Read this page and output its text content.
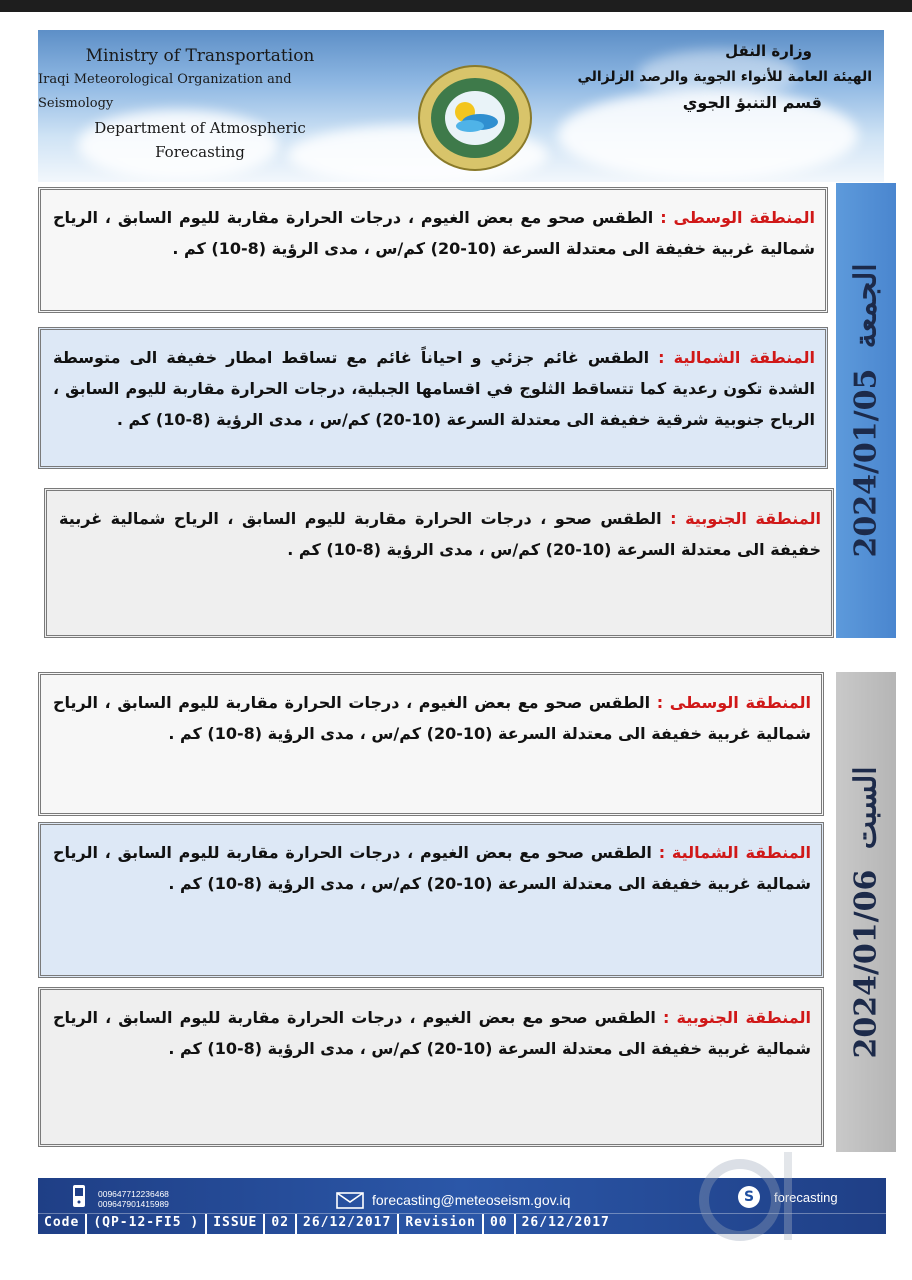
Ministry of Transportation
Iraqi Meteorological Organization and Seismology
Department of Atmospheric Forecasting
وزارة النقل
الهيئة العامة للأنواء الجوية والرصد الزلزالي
قسم التنبؤ الجوي
المنطقة الوسطى : الطقس صحو مع بعض الغيوم ، درجات الحرارة مقاربة لليوم السابق ، الرياح شمالية غربية خفيفة الى معتدلة السرعة (10-20) كم/س ، مدى الرؤية (8-10) كم .
المنطقة الشمالية : الطقس غائم جزئي و احياناً غائم مع تساقط امطار خفيفة الى متوسطة الشدة تكون رعدية كما تتساقط الثلوج في اقسامها الجبلية، درجات الحرارة مقاربة لليوم السابق ، الرياح جنوبية شرقية خفيفة الى معتدلة السرعة (10-20) كم/س ، مدى الرؤية (8-10) كم .
المنطقة الجنوبية : الطقس صحو ، درجات الحرارة مقاربة لليوم السابق ، الرياح شمالية غربية خفيفة الى معتدلة السرعة (10-20) كم/س ، مدى الرؤية (8-10) كم .
الجمعة 2024/01/05
المنطقة الوسطى : الطقس صحو مع بعض الغيوم ، درجات الحرارة مقاربة لليوم السابق ، الرياح شمالية غربية خفيفة الى معتدلة السرعة (10-20) كم/س ، مدى الرؤية (8-10) كم .
المنطقة الشمالية : الطقس صحو مع بعض الغيوم ، درجات الحرارة مقاربة لليوم السابق ، الرياح شمالية غربية خفيفة الى معتدلة السرعة (10-20) كم/س ، مدى الرؤية (8-10) كم .
المنطقة الجنوبية : الطقس صحو مع بعض الغيوم ، درجات الحرارة مقاربة لليوم السابق ، الرياح شمالية غربية خفيفة الى معتدلة السرعة (10-20) كم/س ، مدى الرؤية (8-10) كم .
السبت 2024/01/06
009647712236468
009647901415989	forecasting@meteoseism.gov.iq	S	forecasting
Code	(QP-12-FI5 )	ISSUE	02	26/12/2017	Revision	00	26/12/2017
